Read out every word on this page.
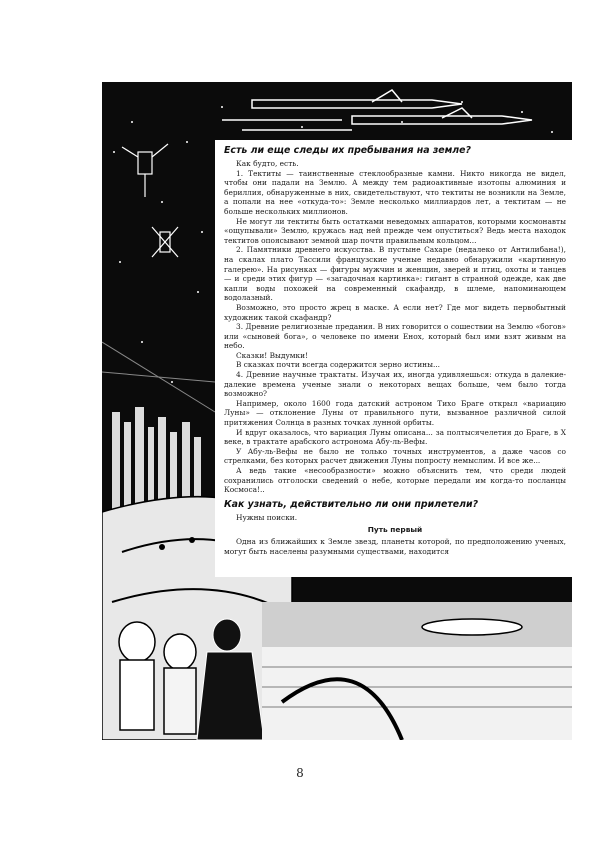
Есть ли еще следы их пребывания на земле?

Как будто, есть.

1. Тектиты — таинственные стеклообразные камни. Никто никогда не видел, чтобы они падали на Землю. А между тем радиоактивные изотопы алюминия и бериллия, обнаруженные в них, свидетельствуют, что тектиты не возникли на Земле, а попали на нее «откуда-то»: Земле несколько миллиардов лет, а тектитам — не больше нескольких миллионов.

Не могут ли тектиты быть остатками неведомых аппаратов, которыми космонавты «ощупывали» Землю, кружась над ней прежде чем опуститься? Ведь места находок тектитов опоясывают земной шар почти правильным кольцом...

2. Памятники древнего искусства. В пустыне Сахаре (недалеко от Антилибана!), на скалах плато Тассили французские ученые недавно обнаружили «картинную галерею». На рисунках — фигуры мужчин и женщин, зверей и птиц, охоты и танцев — и среди этих фигур — «загадочная картинка»: гигант в странной одежде, как две капли воды похожей на современный скафандр, в шлеме, напоминающем водолазный.

Возможно, это просто жрец в маске. А если нет? Где мог видеть первобытный художник такой скафандр?

3. Древние религиозные предания. В них говорится о сошествии на Землю «богов» или «сыновей бога», о человеке по имени Енох, который был ими взят живым на небо.

Сказки! Выдумки!

В сказках почти всегда содержится зерно истины...

4. Древние научные трактаты. Изучая их, иногда удивляешься: откуда в далекие-далекие времена ученые знали о некоторых вещах больше, чем было тогда возможно?

Например, около 1600 года датский астроном Тихо Браге открыл «вариацию Луны» — отклонение Луны от правильного пути, вызванное различной силой притяжения Солнца в разных точках лунной орбиты.

И вдруг оказалось, что вариация Луны описана... за полтысячелетия до Браге, в X веке, в трактате арабского астронома Абу-ль-Вефы.

У Абу-ль-Вефы не было не только точных инструментов, а даже часов со стрелками, без которых расчет движения Луны попросту немыслим. И все же...

А ведь такие «несообразности» можно объяснить тем, что среди людей сохранились отголоски сведений о небе, которые передали им когда-то посланцы Космоса!..

Как узнать, действительно ли они прилетели?

Нужны поиски.

Путь первый

Одна из ближайших к Земле звезд, планеты которой, по предположению ученых, могут быть населены разумными существами, находится

8
